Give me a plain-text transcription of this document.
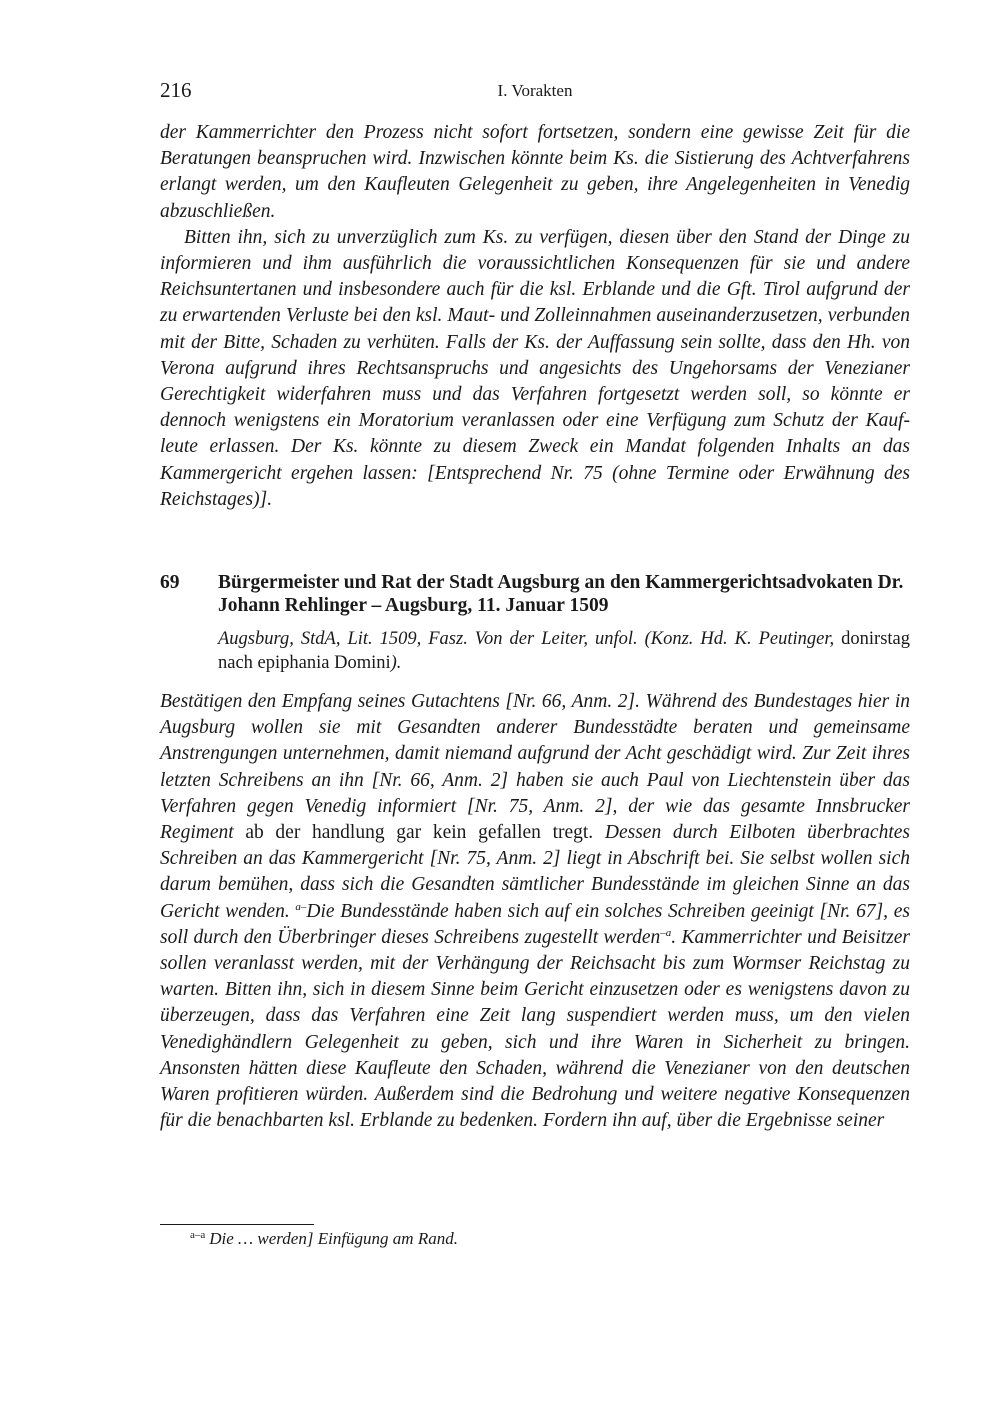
216	I. Vorakten

der Kammerrichter den Prozess nicht sofort fortsetzen, sondern eine gewisse Zeit für die Beratungen beanspruchen wird. Inzwischen könnte beim Ks. die Sistierung des Achtverfahrens erlangt werden, um den Kaufleuten Gelegenheit zu geben, ihre Angelegenheiten in Venedig abzuschließen.

Bitten ihn, sich zu unverzüglich zum Ks. zu verfügen, diesen über den Stand der Dinge zu informieren und ihm ausführlich die voraussichtlichen Konsequenzen für sie und andere Reichsuntertanen und insbesondere auch für die ksl. Erblande und die Gft. Tirol aufgrund der zu erwartenden Verluste bei den ksl. Maut- und Zolleinnahmen auseinanderzusetzen, verbunden mit der Bitte, Schaden zu verhüten. Falls der Ks. der Auffassung sein sollte, dass den Hh. von Verona aufgrund ihres Rechtsanspruchs und angesichts des Ungehorsams der Venezianer Gerechtigkeit widerfahren muss und das Verfahren fortgesetzt werden soll, so könnte er dennoch wenigstens ein Moratorium veranlassen oder eine Verfügung zum Schutz der Kaufleute erlassen. Der Ks. könnte zu diesem Zweck ein Mandat folgenden Inhalts an das Kammergericht ergehen lassen: [Entsprechend Nr. 75 (ohne Termine oder Erwähnung des Reichstages)].

69	Bürgermeister und Rat der Stadt Augsburg an den Kammergerichtsadvokaten Dr. Johann Rehlinger – Augsburg, 11. Januar 1509
Augsburg, StdA, Lit. 1509, Fasz. Von der Leiter, unfol. (Konz. Hd. K. Peutinger, donirstag nach epiphania Domini).
Bestätigen den Empfang seines Gutachtens [Nr. 66, Anm. 2]. Während des Bundestages hier in Augsburg wollen sie mit Gesandten anderer Bundesstädte beraten und gemeinsame Anstrengungen unternehmen, damit niemand aufgrund der Acht geschädigt wird. Zur Zeit ihres letzten Schreibens an ihn [Nr. 66, Anm. 2] haben sie auch Paul von Liechtenstein über das Verfahren gegen Venedig informiert [Nr. 75, Anm. 2], der wie das gesamte Innsbrucker Regiment ab der handlung gar kein gefallen tregt. Dessen durch Eilboten überbrachtes Schreiben an das Kammergericht [Nr. 75, Anm. 2] liegt in Abschrift bei. Sie selbst wollen sich darum bemühen, dass sich die Gesandten sämtlicher Bundesstände im gleichen Sinne an das Gericht wenden. $^{a-}$Die Bundesstände haben sich auf ein solches Schreiben geeinigt [Nr. 67], es soll durch den Überbringer dieses Schreibens zugestellt werden$^{-a}$. Kammerrichter und Beisitzer sollen veranlasst werden, mit der Verhängung der Reichsacht bis zum Wormser Reichstag zu warten. Bitten ihn, sich in diesem Sinne beim Gericht einzusetzen oder es wenigstens davon zu überzeugen, dass das Verfahren eine Zeit lang suspendiert werden muss, um den vielen Venedighändlern Gelegenheit zu geben, sich und ihre Waren in Sicherheit zu bringen. Ansonsten hätten diese Kaufleute den Schaden, während die Venezianer von den deutschen Waren profitieren würden. Außerdem sind die Bedrohung und weitere negative Konsequenzen für die benachbarten ksl. Erblande zu bedenken. Fordern ihn auf, über die Ergebnisse seiner
$^{a-a}$ Die … werden] Einfügung am Rand.
